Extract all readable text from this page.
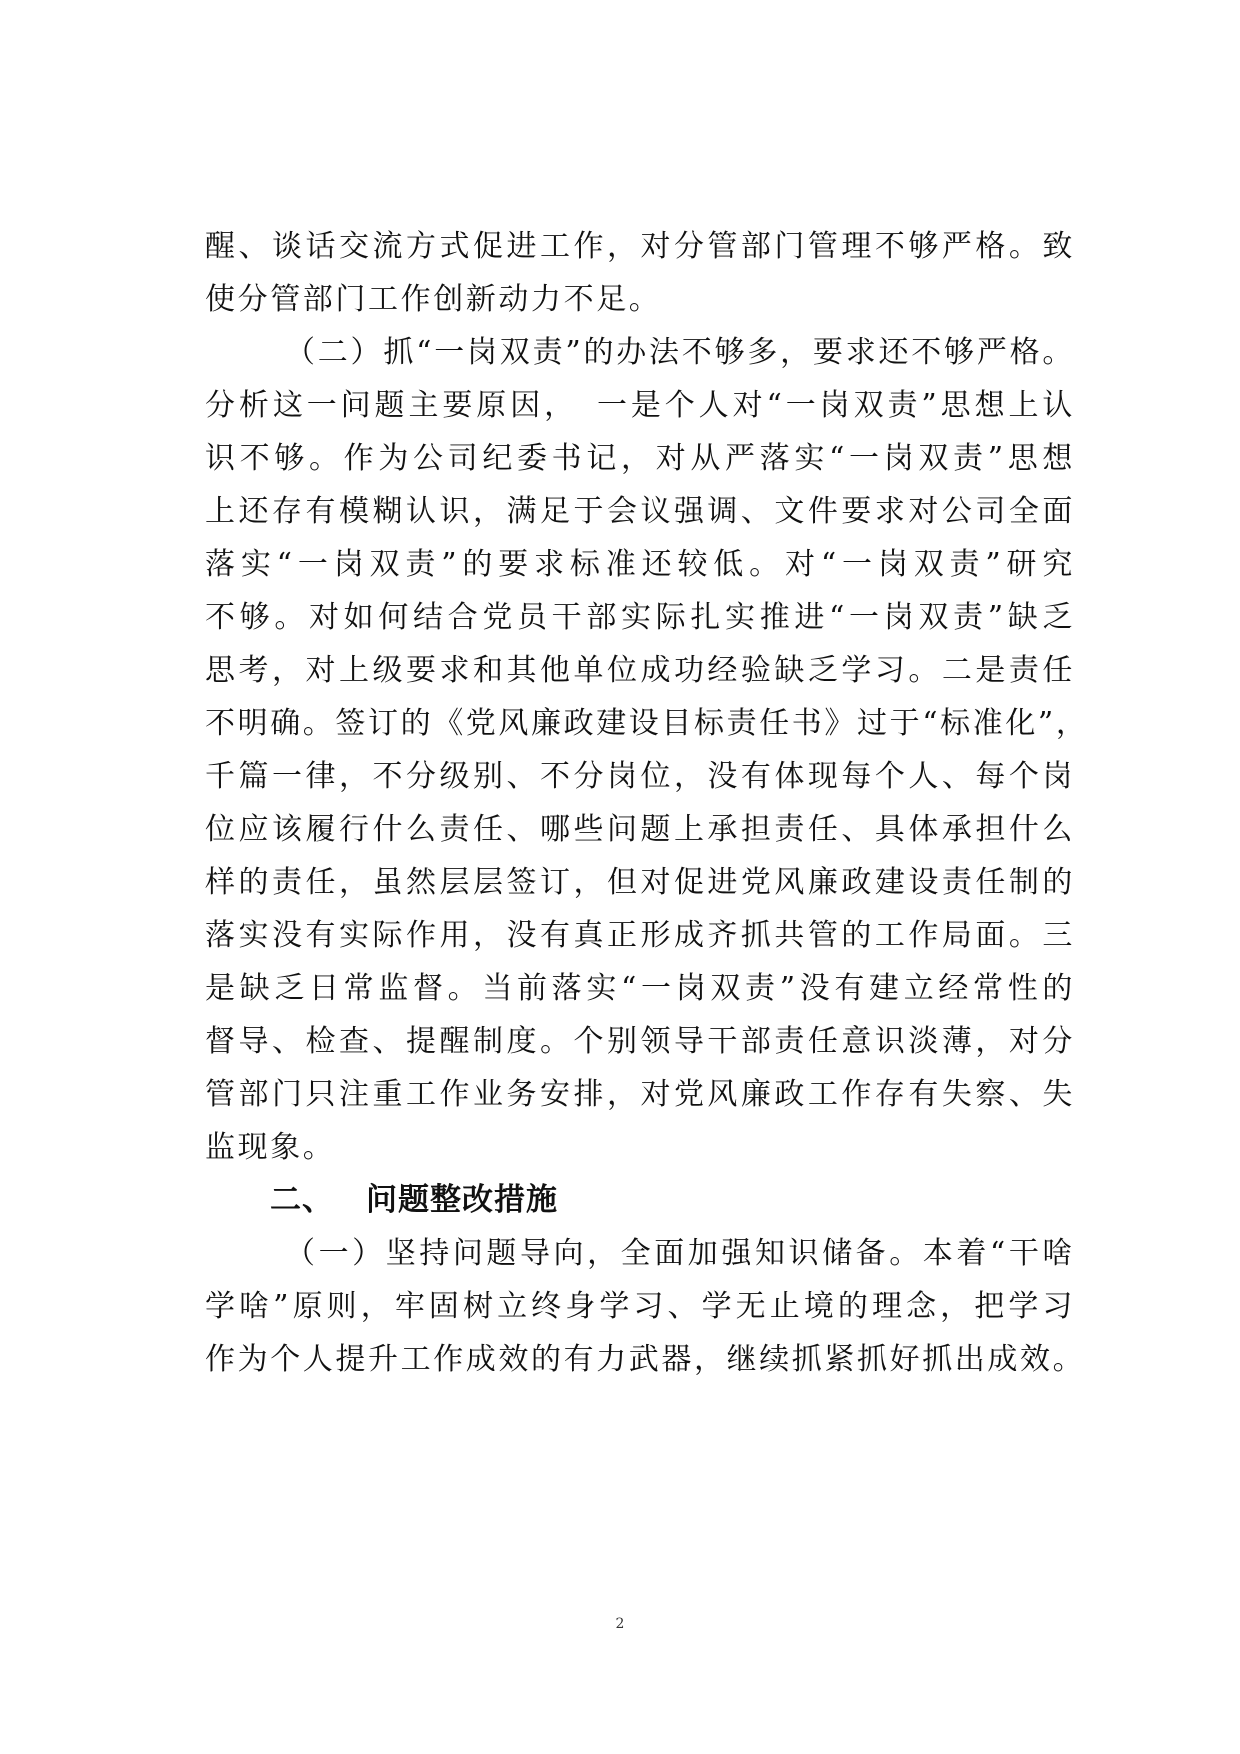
醒、谈话交流方式促进工作，对分管部门管理不够严格。致
使分管部门工作创新动力不足。
（二）抓“一岗双责”的办法不够多，要求还不够严格。
分析这一问题主要原因，　一是个人对“一岗双责”思想上认
识不够。作为公司纪委书记，对从严落实“一岗双责”思想
上还存有模糊认识，满足于会议强调、文件要求对公司全面
落实“一岗双责”的要求标准还较低。对“一岗双责”研究
不够。对如何结合党员干部实际扎实推进“一岗双责”缺乏
思考，对上级要求和其他单位成功经验缺乏学习。二是责任
不明确。签订的《党风廉政建设目标责任书》过于“标准化”，
千篇一律，不分级别、不分岗位，没有体现每个人、每个岗
位应该履行什么责任、哪些问题上承担责任、具体承担什么
样的责任，虽然层层签订，但对促进党风廉政建设责任制的
落实没有实际作用，没有真正形成齐抓共管的工作局面。三
是缺乏日常监督。当前落实“一岗双责”没有建立经常性的
督导、检查、提醒制度。个别领导干部责任意识淡薄，对分
管部门只注重工作业务安排，对党风廉政工作存有失察、失
监现象。
二、 问题整改措施
（一）坚持问题导向，全面加强知识储备。本着“干啥
学啥”原则，牢固树立终身学习、学无止境的理念，把学习
作为个人提升工作成效的有力武器，继续抓紧抓好抓出成效。
2
